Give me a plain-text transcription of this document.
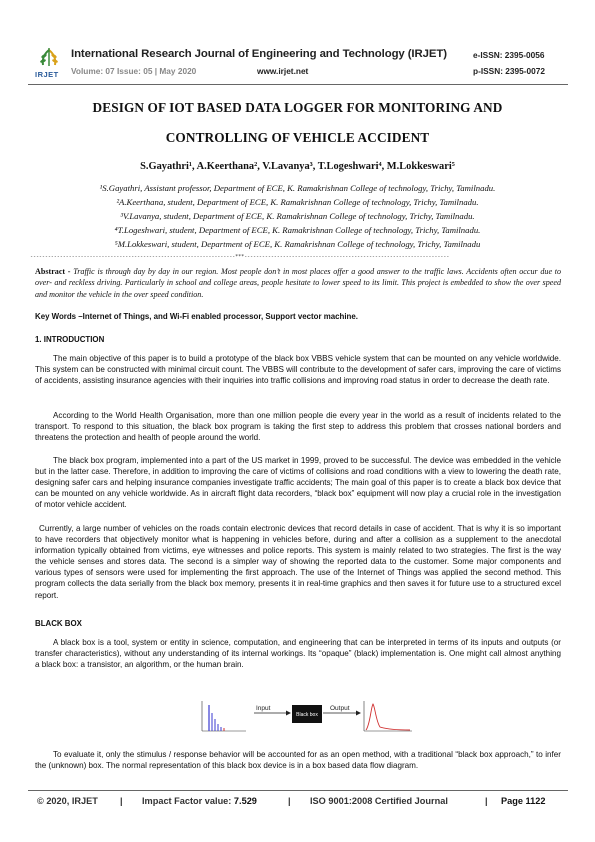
IRJET
International Research Journal of Engineering and Technology (IRJET)
Volume: 07 Issue: 05 | May 2020	www.irjet.net
e-ISSN: 2395-0056
p-ISSN: 2395-0072
DESIGN OF IOT BASED DATA LOGGER FOR MONITORING AND
CONTROLLING OF VEHICLE ACCIDENT
S.Gayathri¹, A.Keerthana², V.Lavanya³, T.Logeshwari⁴, M.Lokkeswari⁵
¹S.Gayathri, Assistant professor, Department of ECE, K. Ramakrishnan College of technology, Trichy, Tamilnadu.
²A.Keerthana, student, Department of ECE, K. Ramakrishnan College of technology, Trichy, Tamilnadu.
³V.Lavanya, student, Department of ECE, K. Ramakrishnan College of technology, Trichy, Tamilnadu.
⁴T.Logeshwari, student, Department of ECE, K. Ramakrishnan College of technology, Trichy, Tamilnadu.
⁵M.Lokkeswari, student, Department of ECE, K. Ramakrishnan College of technology, Trichy, Tamilnadu
---------------------------------------------------------------------***---------------------------------------------------------------------
Abstract - Traffic is through day by day in our region. Most people don’t in most places offer a good answer to the traffic laws. Accidents often occur due to over- and reckless driving. Particularly in school and college areas, people hesitate to lower speed to its limit. This project is embedded to show the over speed and monitor the vehicle in the over speed condition.
Key Words –Internet of Things, and Wi-Fi enabled processor, Support vector machine.
1. INTRODUCTION
The main objective of this paper is to build a prototype of the black box VBBS vehicle system that can be mounted on any vehicle worldwide. This system can be constructed with minimal circuit count. The VBBS will contribute to the development of safer cars, improving the care of victims of accidents, assisting insurance agencies with their inquiries into traffic collisions and improving road status in order to decrease the death rate.
According to the World Health Organisation, more than one million people die every year in the world as a result of incidents related to the transport. To respond to this situation, the black box program is taking the first step to address this problem that crosses national borders and threatens the protection and health of people around the world.
The black box program, implemented into a part of the US market in 1999, proved to be successful. The device was embedded in the vehicle but in the latter case. Therefore, in addition to improving the care of victims of collisions and road conditions with a view to lowering the death rate, designing safer cars and helping insurance companies investigate traffic accidents; The main goal of this paper is to create a black box device that can be mounted on any vehicle worldwide. As in aircraft flight data recorders, “black box” equipment will now play a crucial role in the investigation of motor vehicle accident.
Currently, a large number of vehicles on the roads contain electronic devices that record details in case of accident. That is why it is so important to have recorders that objectively monitor what is happening in vehicles before, during and after a collision as a supplement to the anecdotal information typically obtained from victims, eye witnesses and police reports. This system is mainly related to two strategies. The first is the way the vehicle senses and stores data. The second is a simpler way of showing the reported data to the customer. Some major components and various types of sensors were used for implementing the first approach. The use of the Internet of Things was applied the second method. This program collects the data serially from the black box memory, presents it in real-time graphics and then saves it for future use to a structured excel report.
BLACK BOX
A black box is a tool, system or entity in science, computation, and engineering that can be interpreted in terms of its inputs and outputs (or transfer characteristics), without any understanding of its internal workings. Its “opaque” (black) implementation is. One might call almost anything a black box: a transistor, an algorithm, or the human brain.
Input
Black box
Output
To evaluate it, only the stimulus / response behavior will be accounted for as an open method, with a traditional “black box approach,” to infer the (unknown) box. The normal representation of this black box device is in a box based data flow diagram.
© 2020, IRJET | Impact Factor value: 7.529	| ISO 9001:2008 Certified Journal	| Page 1122
